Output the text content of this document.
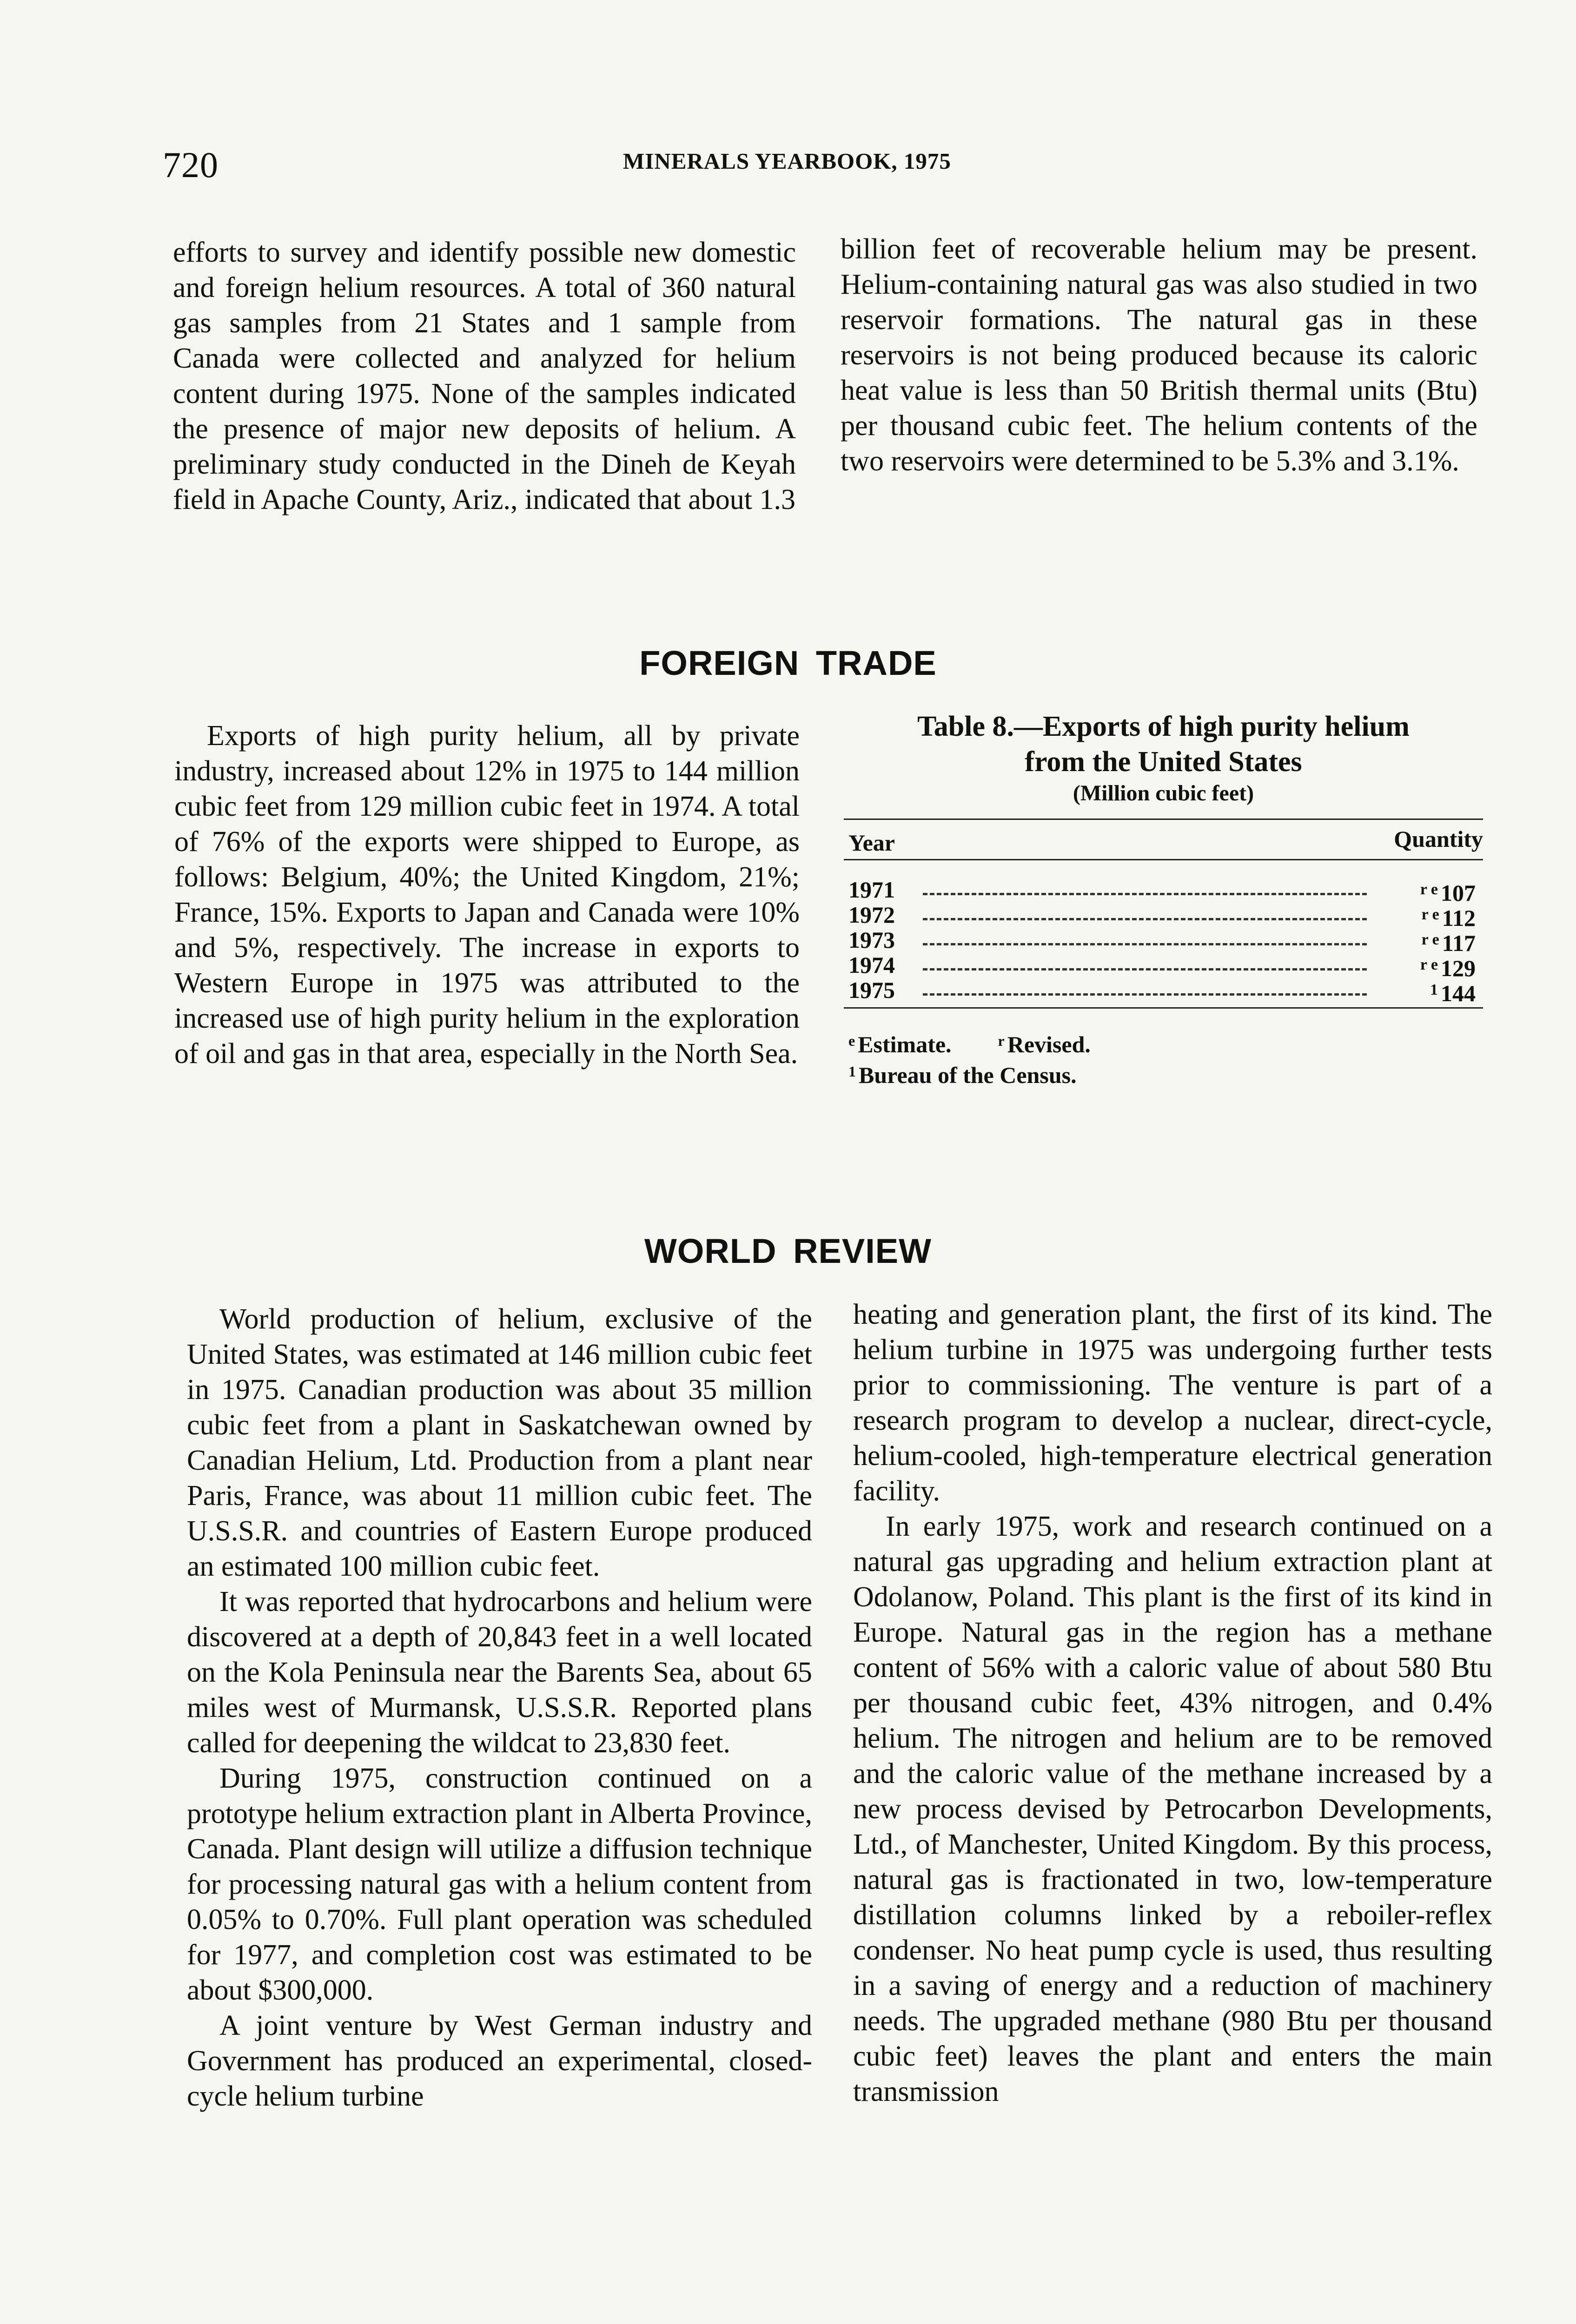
720	MINERALS YEARBOOK, 1975

efforts to survey and identify possible new domestic and foreign helium resources. A total of 360 natural gas samples from 21 States and 1 sample from Canada were collected and analyzed for helium content during 1975. None of the samples indicated the presence of major new deposits of helium. A preliminary study conducted in the Dineh de Keyah field in Apache County, Ariz., indicated that about 1.3

billion feet of recoverable helium may be present. Helium-containing natural gas was also studied in two reservoir formations. The natural gas in these reservoirs is not being produced because its caloric heat value is less than 50 British thermal units (Btu) per thousand cubic feet. The helium contents of the two reservoirs were determined to be 5.3% and 3.1%.

FOREIGN TRADE

Exports of high purity helium, all by private industry, increased about 12% in 1975 to 144 million cubic feet from 129 million cubic feet in 1974. A total of 76% of the exports were shipped to Europe, as follows: Belgium, 40%; the United Kingdom, 21%; France, 15%. Exports to Japan and Canada were 10% and 5%, respectively. The increase in exports to Western Europe in 1975 was attributed to the increased use of high purity helium in the exploration of oil and gas in that area, especially in the North Sea.

Table 8.—Exports of high purity helium
from the United States
(Million cubic feet)
Year	Quantity
1971	$^{r e}$ 107
1972	$^{r e}$ 112
1973	$^{r e}$ 117
1974	$^{r e}$ 129
1975	$^1$ 144
$^e$ Estimate.	$^r$ Revised.
$^1$ Bureau of the Census.
WORLD REVIEW

World production of helium, exclusive of the United States, was estimated at 146 million cubic feet in 1975. Canadian production was about 35 million cubic feet from a plant in Saskatchewan owned by Canadian Helium, Ltd. Production from a plant near Paris, France, was about 11 million cubic feet. The U.S.S.R. and countries of Eastern Europe produced an estimated 100 million cubic feet.

It was reported that hydrocarbons and helium were discovered at a depth of 20,843 feet in a well located on the Kola Peninsula near the Barents Sea, about 65 miles west of Murmansk, U.S.S.R. Reported plans called for deepening the wildcat to 23,830 feet.

During 1975, construction continued on a prototype helium extraction plant in Alberta Province, Canada. Plant design will utilize a diffusion technique for processing natural gas with a helium content from 0.05% to 0.70%. Full plant operation was scheduled for 1977, and completion cost was estimated to be about $300,000.

A joint venture by West German industry and Government has produced an experimental, closed-cycle helium turbine

heating and generation plant, the first of its kind. The helium turbine in 1975 was undergoing further tests prior to commissioning. The venture is part of a research program to develop a nuclear, direct-cycle, helium-cooled, high-temperature electrical generation facility.

In early 1975, work and research continued on a natural gas upgrading and helium extraction plant at Odolanow, Poland. This plant is the first of its kind in Europe. Natural gas in the region has a methane content of 56% with a caloric value of about 580 Btu per thousand cubic feet, 43% nitrogen, and 0.4% helium. The nitrogen and helium are to be removed and the caloric value of the methane increased by a new process devised by Petrocarbon Developments, Ltd., of Manchester, United Kingdom. By this process, natural gas is fractionated in two, low-temperature distillation columns linked by a reboiler-reflex condenser. No heat pump cycle is used, thus resulting in a saving of energy and a reduction of machinery needs. The upgraded methane (980 Btu per thousand cubic feet) leaves the plant and enters the main transmission
